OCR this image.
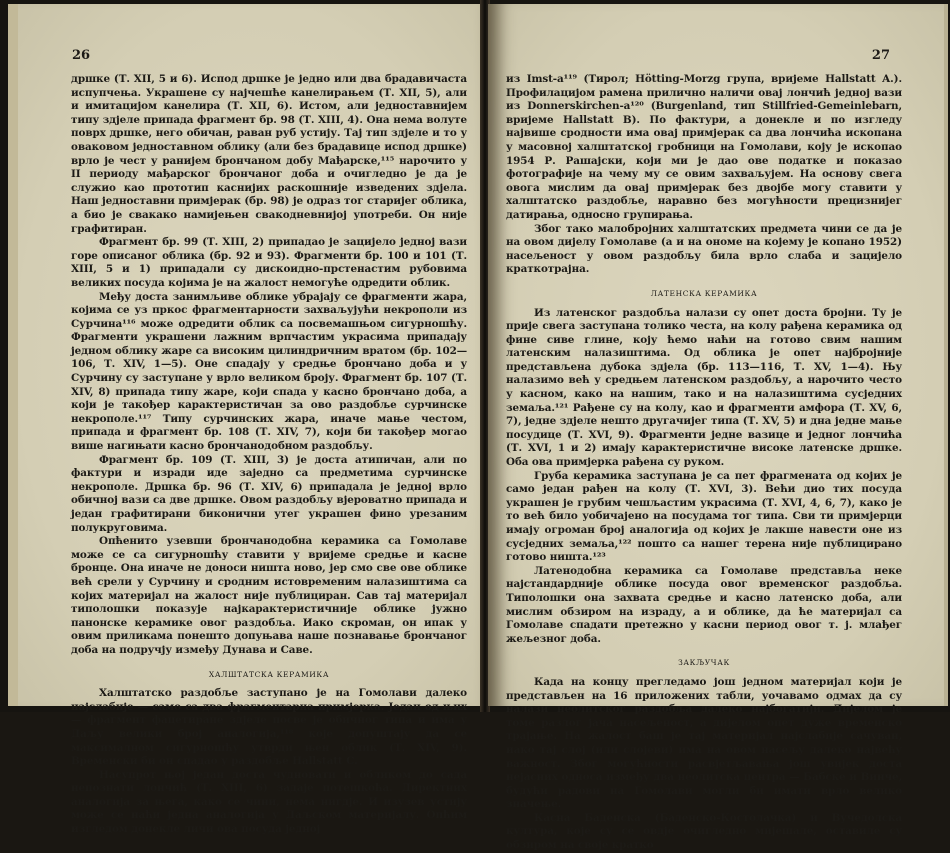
26

дршке (Т. XII, 5 и 6). Испод дршке је једно или два брадавичаста испупчења. Украшене су најчешће канелирањем (Т. XII, 5), али и имитацијом канелира (Т. XII, 6). Истом, али једноставнијем типу здјеле припада фрагмент бр. 98 (Т. XIII, 4). Она нема волуте поврх дршке, него обичан, раван руб устију. Тај тип здјеле и то у оваковом једноставном облику (али без брадавице испод дршке) врло је чест у ранијем брончаном добу Мађарске,¹¹⁵ нарочито у II периоду мађарског брончаног доба и очигледно је да је служио као прототип каснијих раскошније изведених здјела. Наш једноставни примјерак (бр. 98) је одраз тог старијег облика, а био је свакако намијењен свакодневнијој употреби. Он није графитиран.

Фрагмент бр. 99 (Т. XIII, 2) припадао је зацијело једној вази горе описаног облика (бр. 92 и 93). Фрагменти бр. 100 и 101 (Т. XIII, 5 и 1) припадали су дискоидно-прстенастим рубовима великих посуда којима је на жалост немогуће одредити облик.

Међу доста занимљиве облике убрајају се фрагменти жара, којима се уз пркос фрагментарности захваљујући некрополи из Сурчина¹¹⁶ може одредити облик са посвемашњом сигурношћу. Фрагменти украшени лажним врпчастим украсима припадају једном облику жаре са високим цилиндричним вратом (бр. 102—106, Т. XIV, 1—5). Оне спадају у средње брончано доба и у Сурчину су заступане у врло великом броју. Фрагмент бр. 107 (Т. XIV, 8) припада типу жаре, који спада у касно брончано доба, а који је такођер карактеристичан за ово раздобље сурчинске некрополе.¹¹⁷ Типу сурчинских жара, иначе мање честом, припада и фрагмент бр. 108 (Т. XIV, 7), који би такођер могао више нагињати касно брончанодобном раздобљу.

Фрагмент бр. 109 (Т. XIII, 3) је доста атипичан, али по фактури и изради иде заједно са предметима сурчинске некрополе. Дршка бр. 96 (Т. XIV, 6) припадала је једној врло обичној вази са две дршке. Овом раздобљу вјероватно припада и један графитирани биконични утег украшен фино урезаним полукруговима.

Опћенито узевши брончанодобна керамика са Гомолаве може се са сигурношћу ставити у вријеме средње и касне бронце. Она иначе не доноси ништа ново, јер смо све ове облике већ срели у Сурчину и сродним истовременим налазиштима са којих материјал на жалост није публициран. Сав тај материјал типолошки показује најкарактеристичније облике јужно панонске керамике овог раздобља. Иако скроман, он ипак у овим приликама понешто допуњава наше познавање брончаног доба на подручју између Дунава и Саве.

ХАЛШТАТСКА КЕРАМИКА

Халштатско раздобље заступано је на Гомолави далеко најслабије — само са два фрагментарна примјерка. Један од њих — фрагмент фацетиране здјеле посве је обичног типа и има у Даљу велики број аналогија,¹¹⁸ које допуштају да се максималном сигурношћу утврди њен облик (Т. XIV, 9). Временски би он спадао у раздобље Hallstatt C.

Насупрот њој један доста чудновати и обликом до сада непознати лончић (Т. XIII, 6) задаје потешкоћа. Директних аналогија за њега, како се чини, нема нигдје. И изузев устију може се наћи једна аналогија у Даљском материјалу. Опћим изгледом донекле личи ова посуда једној

27

из Imst-a¹¹⁹ (Тирол; Hötting-Morzg група, вријеме Hallstatt A.). Профилацијом рамена прилично наличи овај лончић једној вази из Donnerskirchen-a¹²⁰ (Burgenland, тип Stillfried-Gemeinlebarn, вријеме Hallstatt B). По фактури, а донекле и по изгледу највише сродности има овај примјерак са два лончића ископана у масовној халштатској гробници на Гомолави, коју је ископао 1954 Р. Рашајски, који ми је дао ове податке и показао фотографије на чему му се овим захваљујем. На основу свега овога мислим да овај примјерак без двојбе могу ставити у халштатско раздобље, наравно без могућности прецизнијег датирања, односно групирања.

Због тако малобројних халштатских предмета чини се да је на овом дијелу Гомолаве (а и на ономе на којему је копано 1952) насељеност у овом раздобљу била врло слаба и зацијело краткотрајна.

ЛАТЕНСКА КЕРАМИКА

Из латенског раздобља налази су опет доста бројни. Ту је прије свега заступана толико честа, на колу рађена керамика од фине сиве глине, коју ћемо наћи на готово свим нашим латенским налазиштима. Од облика је опет најбројније представљена дубока здјела (бр. 113—116, Т. XV, 1—4). Њу налазимо већ у средњем латенском раздобљу, а нарочито често у касном, како на нашим, тако и на налазиштима сусједних земаља.¹²¹ Рађене су на колу, као и фрагменти амфора (Т. XV, 6, 7), једне здјеле нешто другачијег типа (Т. XV, 5) и дна једне мање посудице (Т. XVI, 9). Фрагменти једне вазице и једног лончића (Т. XVI, 1 и 2) имају карактеристичне високе латенске дршке. Оба ова примјерка рађена су руком.

Груба керамика заступана је са пет фрагмената од којих је само један рађен на колу (Т. XVI, 3). Већи дио тих посуда украшен је грубим чешљастим украсима (Т. XVI, 4, 6, 7), како је то већ било уобичајено на посудама тог типа. Сви ти примјерци имају огроман број аналогија од којих је лакше навести оне из сусједних земаља,¹²² пошто са нашег терена није публицирано готово ништа.¹²³

Латенодобна керамика са Гомолаве представља неке најстандардније облике посуда овог временског раздобља. Типолошки она захвата средње и касно латенско доба, али мислим обзиром на израду, а и облике, да ће материјал са Гомолаве спадати претежно у касни период овог т. ј. млађег жељезног доба.

ЗАКЉУЧАК

Када на концу прегледамо још једном материјал који је представљен на 16 приложених табли, уочавамо одмах да су налази неолитског раздобља далеко најбогатији. Дијелом је томе разлог јача насељеност, а дијелом опет дуже временско трајање. На жалост баш је тај материјал најслабије сачуван, иако тај слој (или слојеви) има на овом насељу далеко највећу важност. Због могућности расвјетљавања још увијек доста нејасних односа између два неолитска центра — Бабске и Винче, будући радови на Гомолави могли би имати врло велико значење.

Касна Баденска (Баденско-Костолачка) и Вучедолска култура, које су се овдје очигледно мијешале, оставиле су обзиром на своје кратко
